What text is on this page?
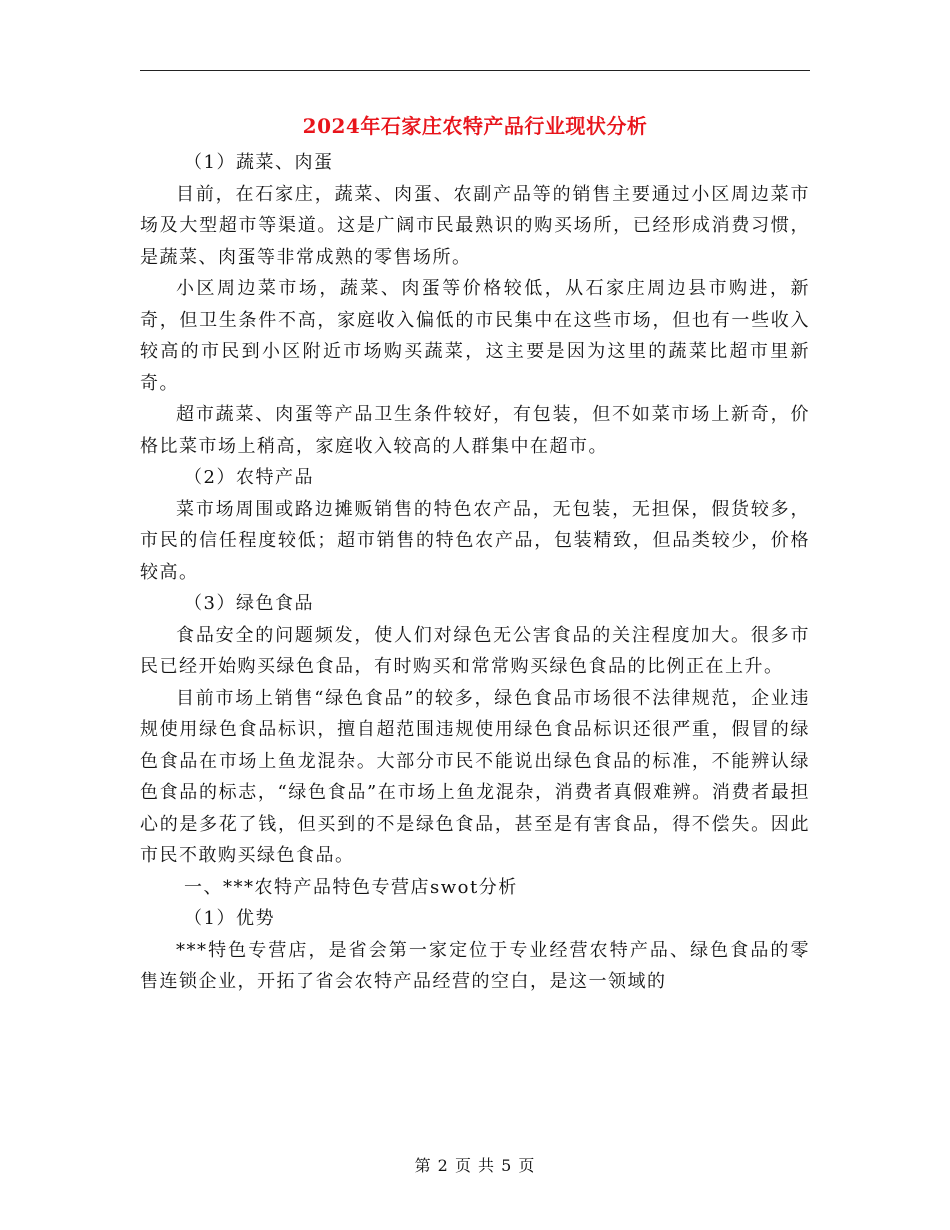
2024年石家庄农特产品行业现状分析

（1）蔬菜、肉蛋

目前，在石家庄，蔬菜、肉蛋、农副产品等的销售主要通过小区周边菜市场及大型超市等渠道。这是广阔市民最熟识的购买场所，已经形成消费习惯，是蔬菜、肉蛋等非常成熟的零售场所。

小区周边菜市场，蔬菜、肉蛋等价格较低，从石家庄周边县市购进，新奇，但卫生条件不高，家庭收入偏低的市民集中在这些市场，但也有一些收入较高的市民到小区附近市场购买蔬菜，这主要是因为这里的蔬菜比超市里新奇。

超市蔬菜、肉蛋等产品卫生条件较好，有包装，但不如菜市场上新奇，价格比菜市场上稍高，家庭收入较高的人群集中在超市。

（2）农特产品

菜市场周围或路边摊贩销售的特色农产品，无包装，无担保，假货较多，市民的信任程度较低；超市销售的特色农产品，包装精致，但品类较少，价格较高。

（3）绿色食品

食品安全的问题频发，使人们对绿色无公害食品的关注程度加大。很多市民已经开始购买绿色食品，有时购买和常常购买绿色食品的比例正在上升。

目前市场上销售“绿色食品”的较多，绿色食品市场很不法律规范，企业违规使用绿色食品标识，擅自超范围违规使用绿色食品标识还很严重，假冒的绿色食品在市场上鱼龙混杂。大部分市民不能说出绿色食品的标准，不能辨认绿色食品的标志，“绿色食品”在市场上鱼龙混杂，消费者真假难辨。消费者最担心的是多花了钱，但买到的不是绿色食品，甚至是有害食品，得不偿失。因此市民不敢购买绿色食品。

一、***农特产品特色专营店swot分析

（1）优势

***特色专营店，是省会第一家定位于专业经营农特产品、绿色食品的零售连锁企业，开拓了省会农特产品经营的空白，是这一领域的

第 2 页 共 5 页
